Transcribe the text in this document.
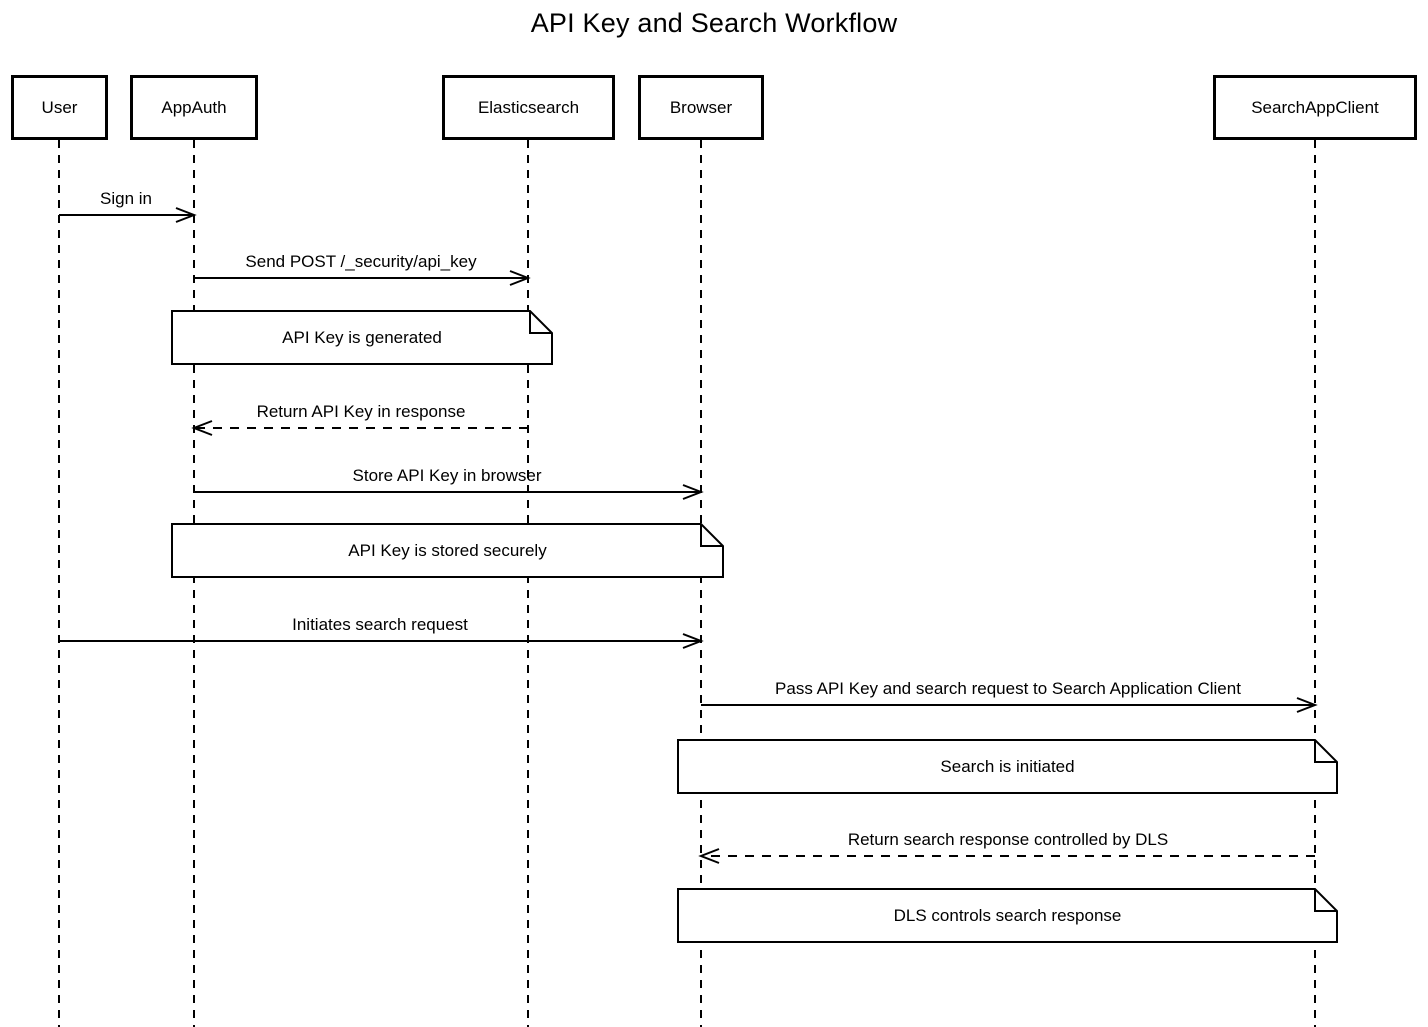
API Key and Search Workflow
User	AppAuth	Elasticsearch	Browser	SearchAppClient
Sign in
Send POST /_security/api_key
Return API Key in response
Store API Key in browser
Initiates search request
Pass API Key and search request to Search Application Client
Return search response controlled by DLS
API Key is generated
API Key is stored securely
Search is initiated
DLS controls search response
